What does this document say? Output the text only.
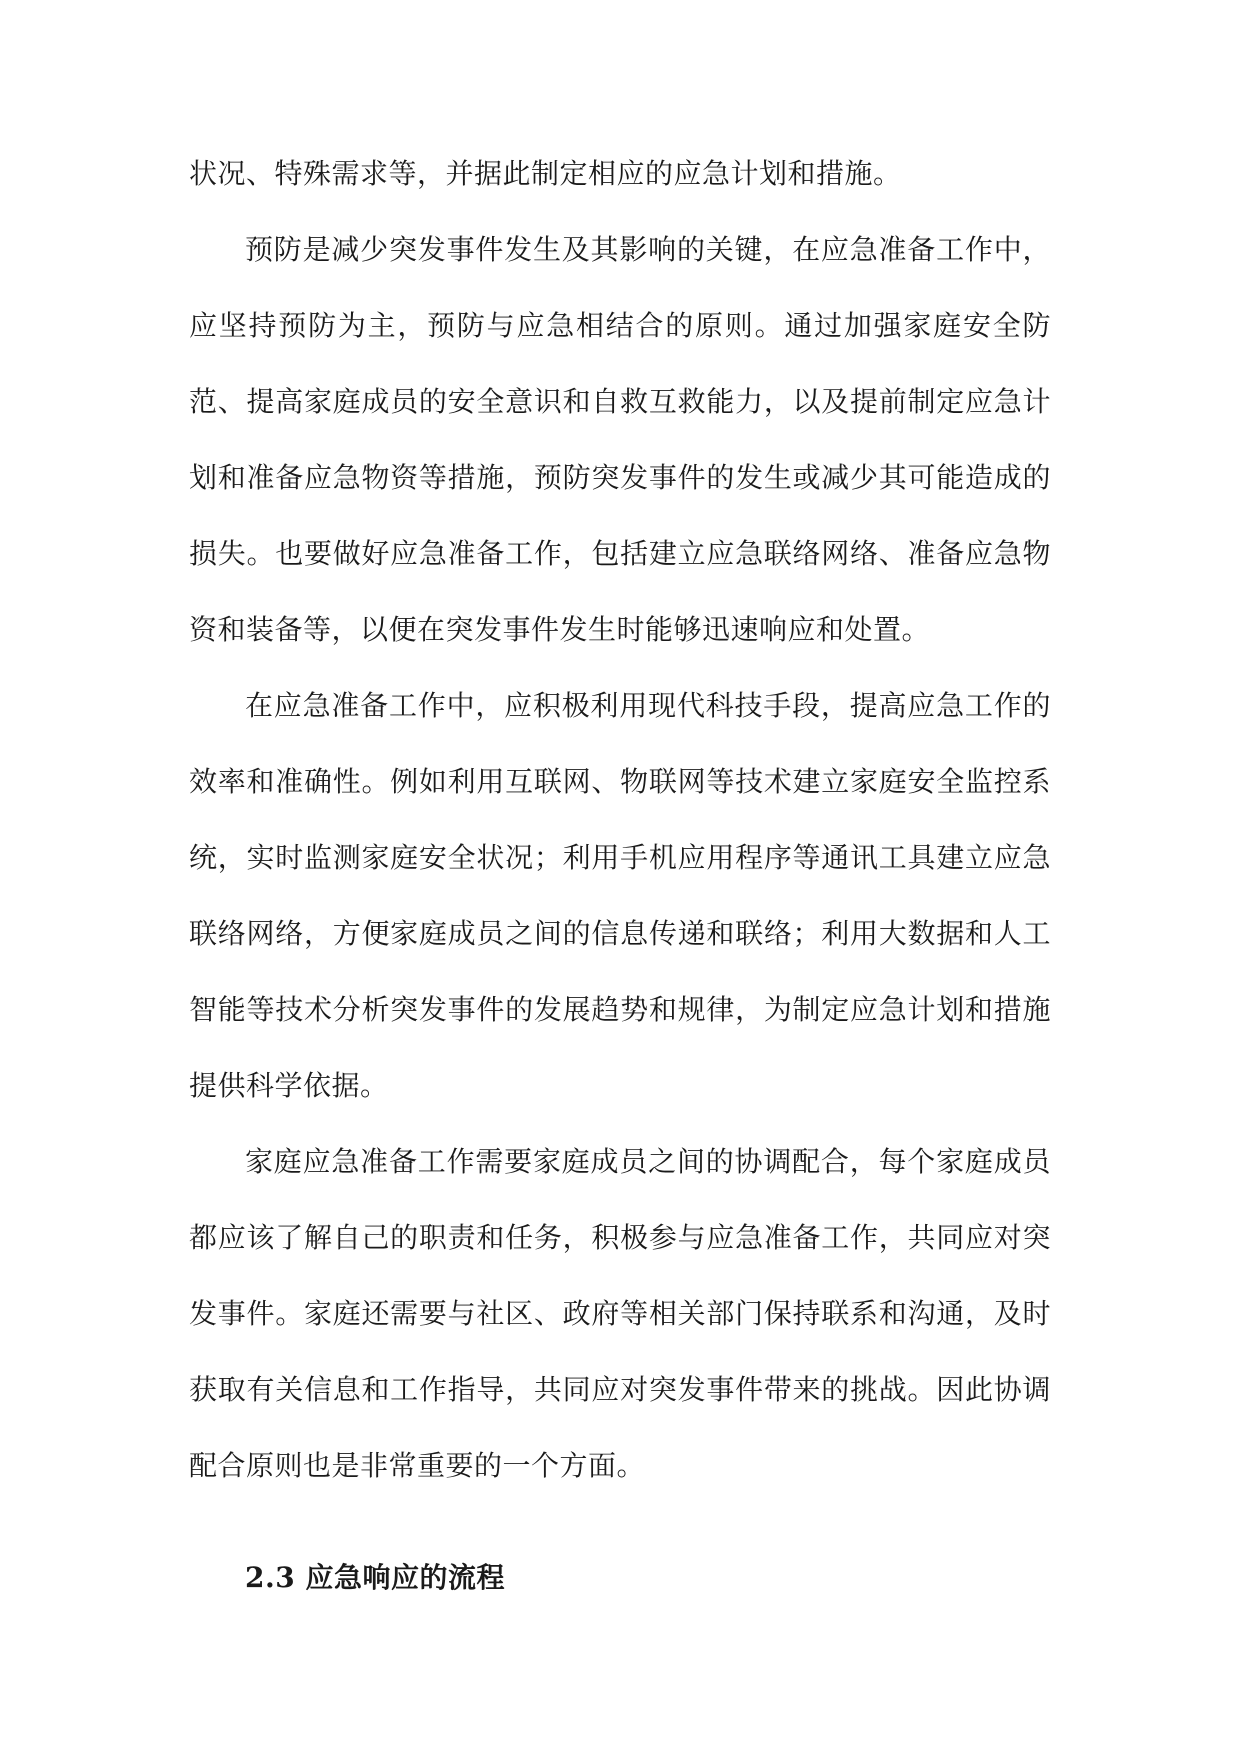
状况、特殊需求等，并据此制定相应的应急计划和措施。

预防是减少突发事件发生及其影响的关键，在应急准备工作中，应坚持预防为主，预防与应急相结合的原则。通过加强家庭安全防范、提高家庭成员的安全意识和自救互救能力，以及提前制定应急计划和准备应急物资等措施，预防突发事件的发生或减少其可能造成的损失。也要做好应急准备工作，包括建立应急联络网络、准备应急物资和装备等，以便在突发事件发生时能够迅速响应和处置。

在应急准备工作中，应积极利用现代科技手段，提高应急工作的效率和准确性。例如利用互联网、物联网等技术建立家庭安全监控系统，实时监测家庭安全状况；利用手机应用程序等通讯工具建立应急联络网络，方便家庭成员之间的信息传递和联络；利用大数据和人工智能等技术分析突发事件的发展趋势和规律，为制定应急计划和措施提供科学依据。

家庭应急准备工作需要家庭成员之间的协调配合，每个家庭成员都应该了解自己的职责和任务，积极参与应急准备工作，共同应对突发事件。家庭还需要与社区、政府等相关部门保持联系和沟通，及时获取有关信息和工作指导，共同应对突发事件带来的挑战。因此协调配合原则也是非常重要的一个方面。

2.3 应急响应的流程
